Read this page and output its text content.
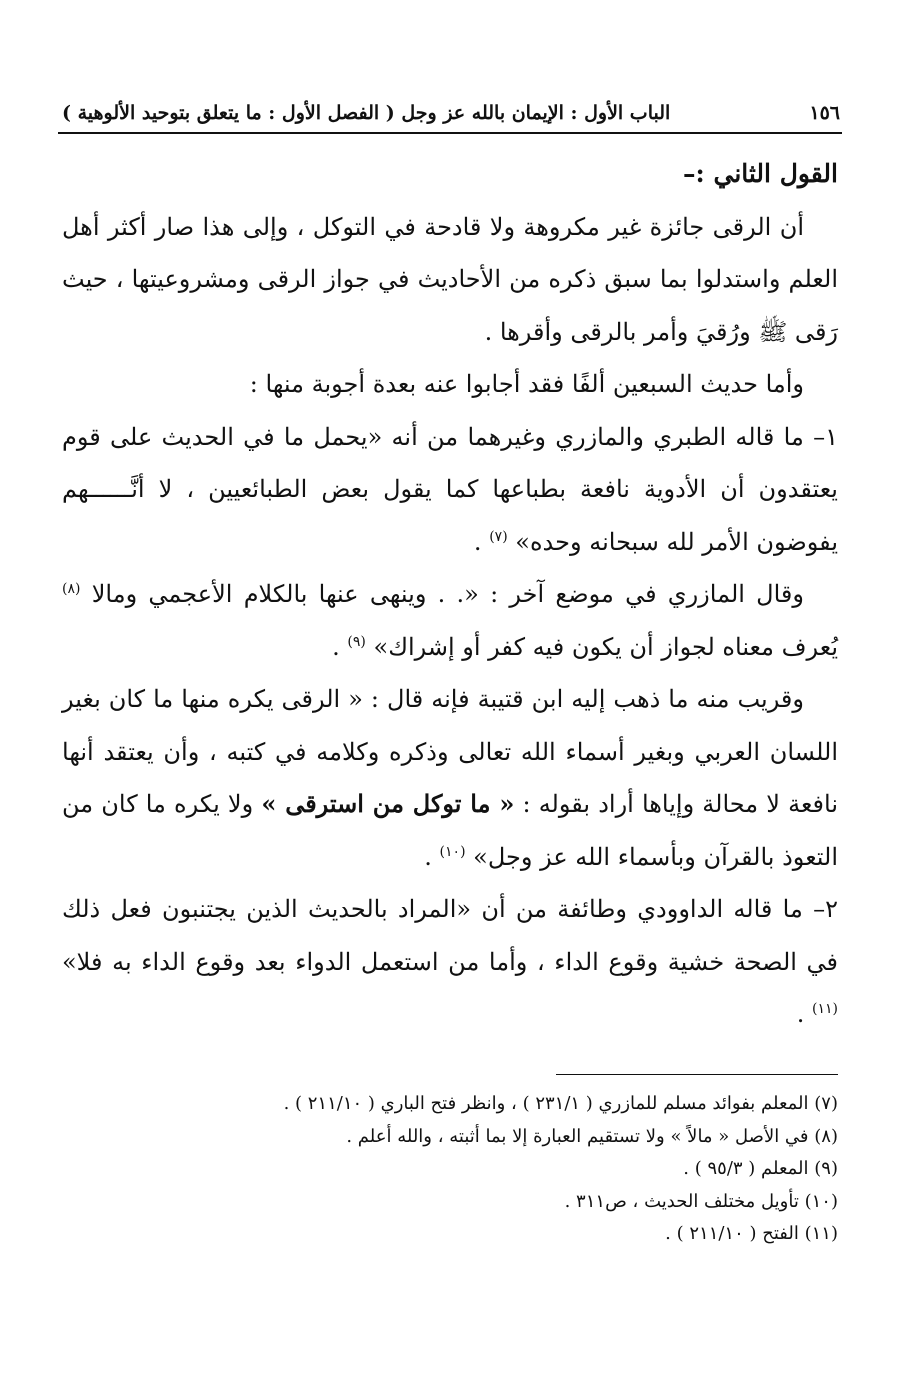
١٥٦
الباب الأول : الإيمان بالله عز وجل ( الفصل الأول : ما يتعلق بتوحيد الألوهية )

القول الثاني :–

أن الرقى جائزة غير مكروهة ولا قادحة في التوكل ، وإلى هذا صار أكثر أهل العلم واستدلوا بما سبق ذكره من الأحاديث في جواز الرقى ومشروعيتها ، حيث رَقى ﷺ ورُقيَ وأمر بالرقى وأقرها .

وأما حديث السبعين ألفًا فقد أجابوا عنه بعدة أجوبة منها :

١– ما قاله الطبري والمازري وغيرهما من أنه «يحمل ما في الحديث على قوم يعتقدون أن الأدوية نافعة بطباعها كما يقول بعض الطبائعيين ، لا أنَّــــــهم يفوضون الأمر لله سبحانه وحده» $^{(٧)}$ .

وقال المازري في موضع آخر : «. . وينهى عنها بالكلام الأعجمي ومالا $^{(٨)}$ يُعرف معناه لجواز أن يكون فيه كفر أو إشراك» $^{(٩)}$ .

وقريب منه ما ذهب إليه ابن قتيبة فإنه قال : « الرقى يكره منها ما كان بغير اللسان العربي وبغير أسماء الله تعالى وذكره وكلامه في كتبه ، وأن يعتقد أنها نافعة لا محالة وإياها أراد بقوله : « ما توكل من استرقى » ولا يكره ما كان من التعوذ بالقرآن وبأسماء الله عز وجل» $^{(١٠)}$ .

٢– ما قاله الداوودي وطائفة من أن «المراد بالحديث الذين يجتنبون فعل ذلك في الصحة خشية وقوع الداء ، وأما من استعمل الدواء بعد وقوع الداء به فلا» $^{(١١)}$ .

(٧) المعلم بفوائد مسلم للمازري ( ٢٣١/١ ) ، وانظر فتح الباري ( ٢١١/١٠ ) .

(٨) في الأصل « مالاً » ولا تستقيم العبارة إلا بما أثبته ، والله أعلم .

(٩) المعلم ( ٩٥/٣ ) .

(١٠) تأويل مختلف الحديث ، ص٣١١ .

(١١) الفتح ( ٢١١/١٠ ) .
